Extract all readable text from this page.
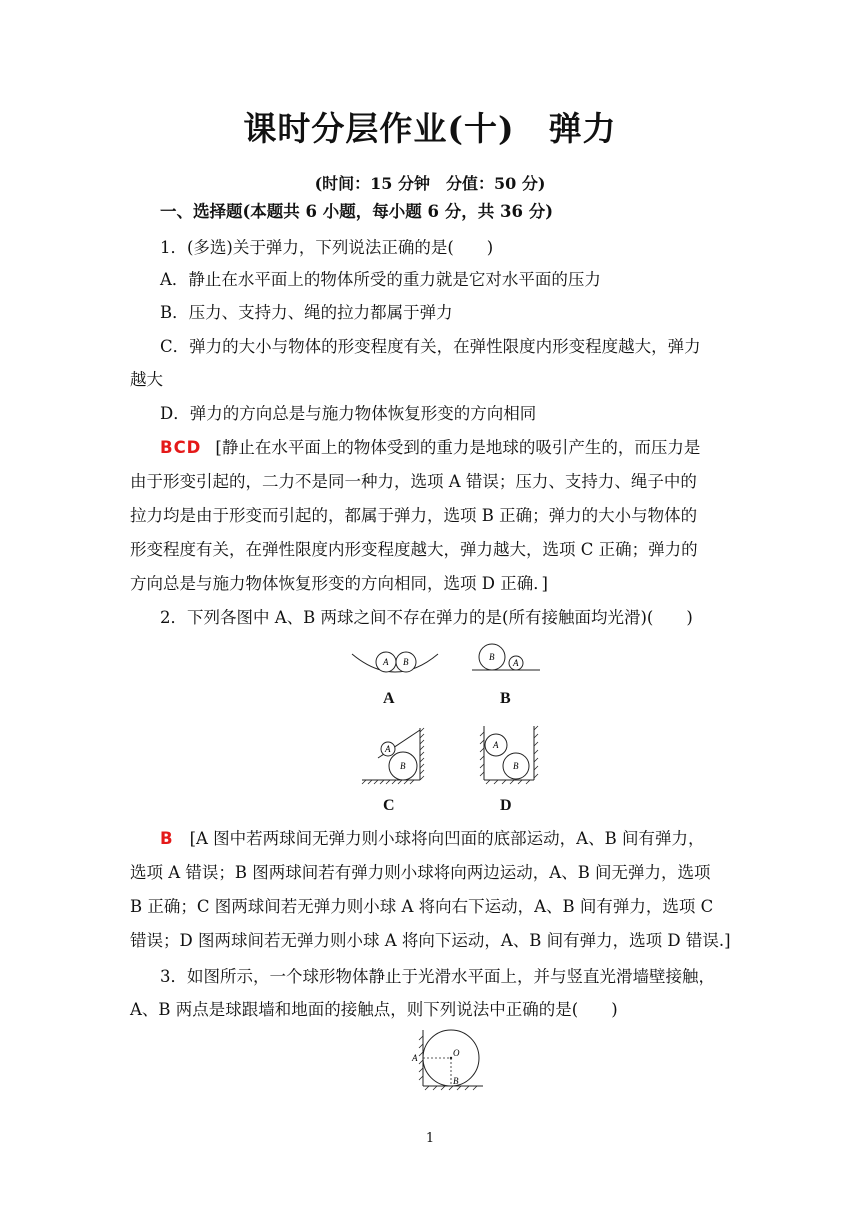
课时分层作业(十) 弹力
(时间：15 分钟　分值：50 分)
一、选择题(本题共 6 小题，每小题 6 分，共 36 分)
1．(多选)关于弹力，下列说法正确的是(　　)
A．静止在水平面上的物体所受的重力就是它对水平面的压力
B．压力、支持力、绳的拉力都属于弹力
C．弹力的大小与物体的形变程度有关，在弹性限度内形变程度越大，弹力
越大
D．弹力的方向总是与施力物体恢复形变的方向相同
BCD [静止在水平面上的物体受到的重力是地球的吸引产生的，而压力是
由于形变引起的，二力不是同一种力，选项 A 错误；压力、支持力、绳子中的
拉力均是由于形变而引起的，都属于弹力，选项 B 正确；弹力的大小与物体的
形变程度有关，在弹性限度内形变程度越大，弹力越大，选项 C 正确；弹力的
方向总是与施力物体恢复形变的方向相同，选项 D 正确．]
2．下列各图中 A、B 两球之间不存在弹力的是(所有接触面均光滑)(　　)
A B
A
B
A
B
A
B
C
A
B
D
B [A 图中若两球间无弹力则小球将向凹面的底部运动，A、B 间有弹力，
选项 A 错误；B 图两球间若有弹力则小球将向两边运动，A、B 间无弹力，选项
B 正确；C 图两球间若无弹力则小球 A 将向右下运动，A、B 间有弹力，选项 C
错误；D 图两球间若无弹力则小球 A 将向下运动，A、B 间有弹力，选项 D 错误.]
3．如图所示，一个球形物体静止于光滑水平面上，并与竖直光滑墙壁接触，
A、B 两点是球跟墙和地面的接触点，则下列说法中正确的是(　　)
A	O
B
1
